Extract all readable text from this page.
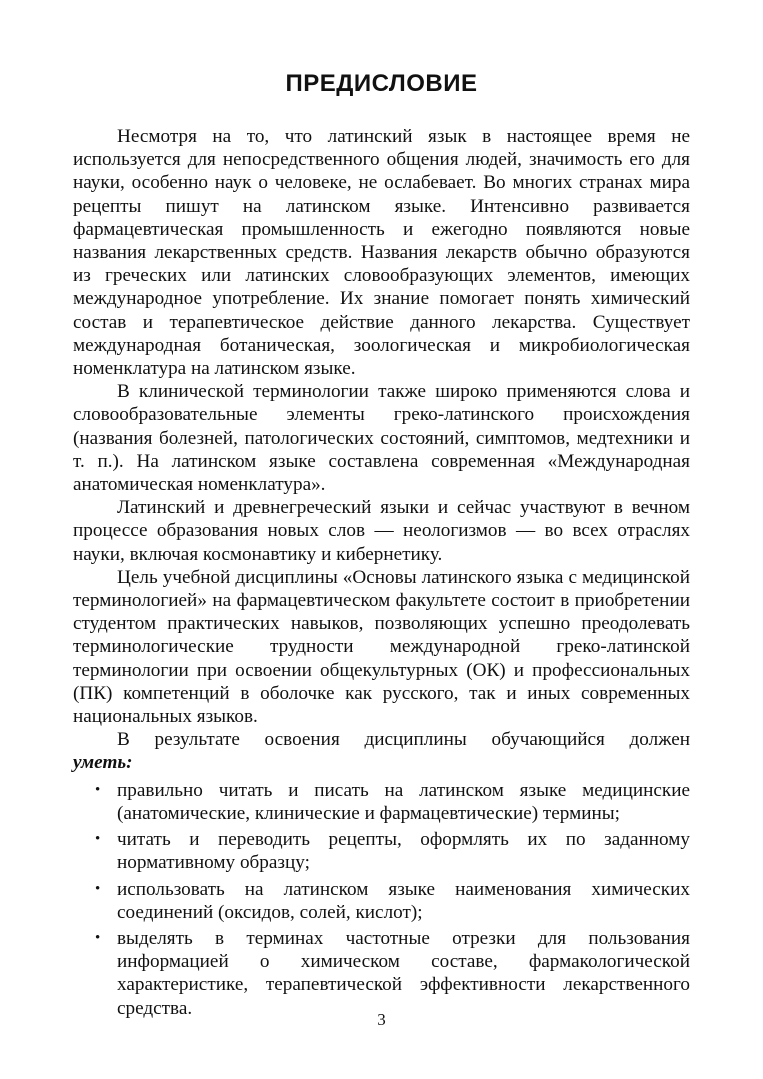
ПРЕДИСЛОВИЕ

Несмотря на то, что латинский язык в настоящее время не используется для непосредственного общения людей, значимость его для науки, особенно наук о человеке, не ослабевает. Во многих странах мира рецепты пишут на латинском языке. Интенсивно развивается фармацевтическая промышленность и ежегодно появляются новые названия лекарственных средств. Названия лекарств обычно образуются из греческих или латинских словообразующих элементов, имеющих международное употребление. Их знание помогает понять химический состав и терапевтическое действие данного лекарства. Существует международная ботаническая, зоологическая и микробиологическая номенклатура на латинском языке.

В клинической терминологии также широко применяются слова и словообразовательные элементы греко-латинского происхождения (названия болезней, патологических состояний, симптомов, медтехники и т. п.). На латинском языке составлена современная «Международная анатомическая номенклатура».

Латинский и древнегреческий языки и сейчас участвуют в вечном процессе образования новых слов — неологизмов — во всех отраслях науки, включая космонавтику и кибернетику.

Цель учебной дисциплины «Основы латинского языка с медицинской терминологией» на фармацевтическом факультете состоит в приобретении студентом практических навыков, позволяющих успешно преодолевать терминологические трудности международной греко-латинской терминологии при освоении общекультурных (ОК) и профессиональных (ПК) компетенций в оболочке как русского, так и иных современных национальных языков.

В результате освоения дисциплины обучающийся должен

уметь:

• правильно читать и писать на латинском языке медицинские (анатомические, клинические и фармацевтические) термины;
• читать и переводить рецепты, оформлять их по заданному нормативному образцу;
• использовать на латинском языке наименования химических соединений (оксидов, солей, кислот);
• выделять в терминах частотные отрезки для пользования информацией о химическом составе, фармакологической характеристике, терапевтической эффективности лекарственного средства.
3
